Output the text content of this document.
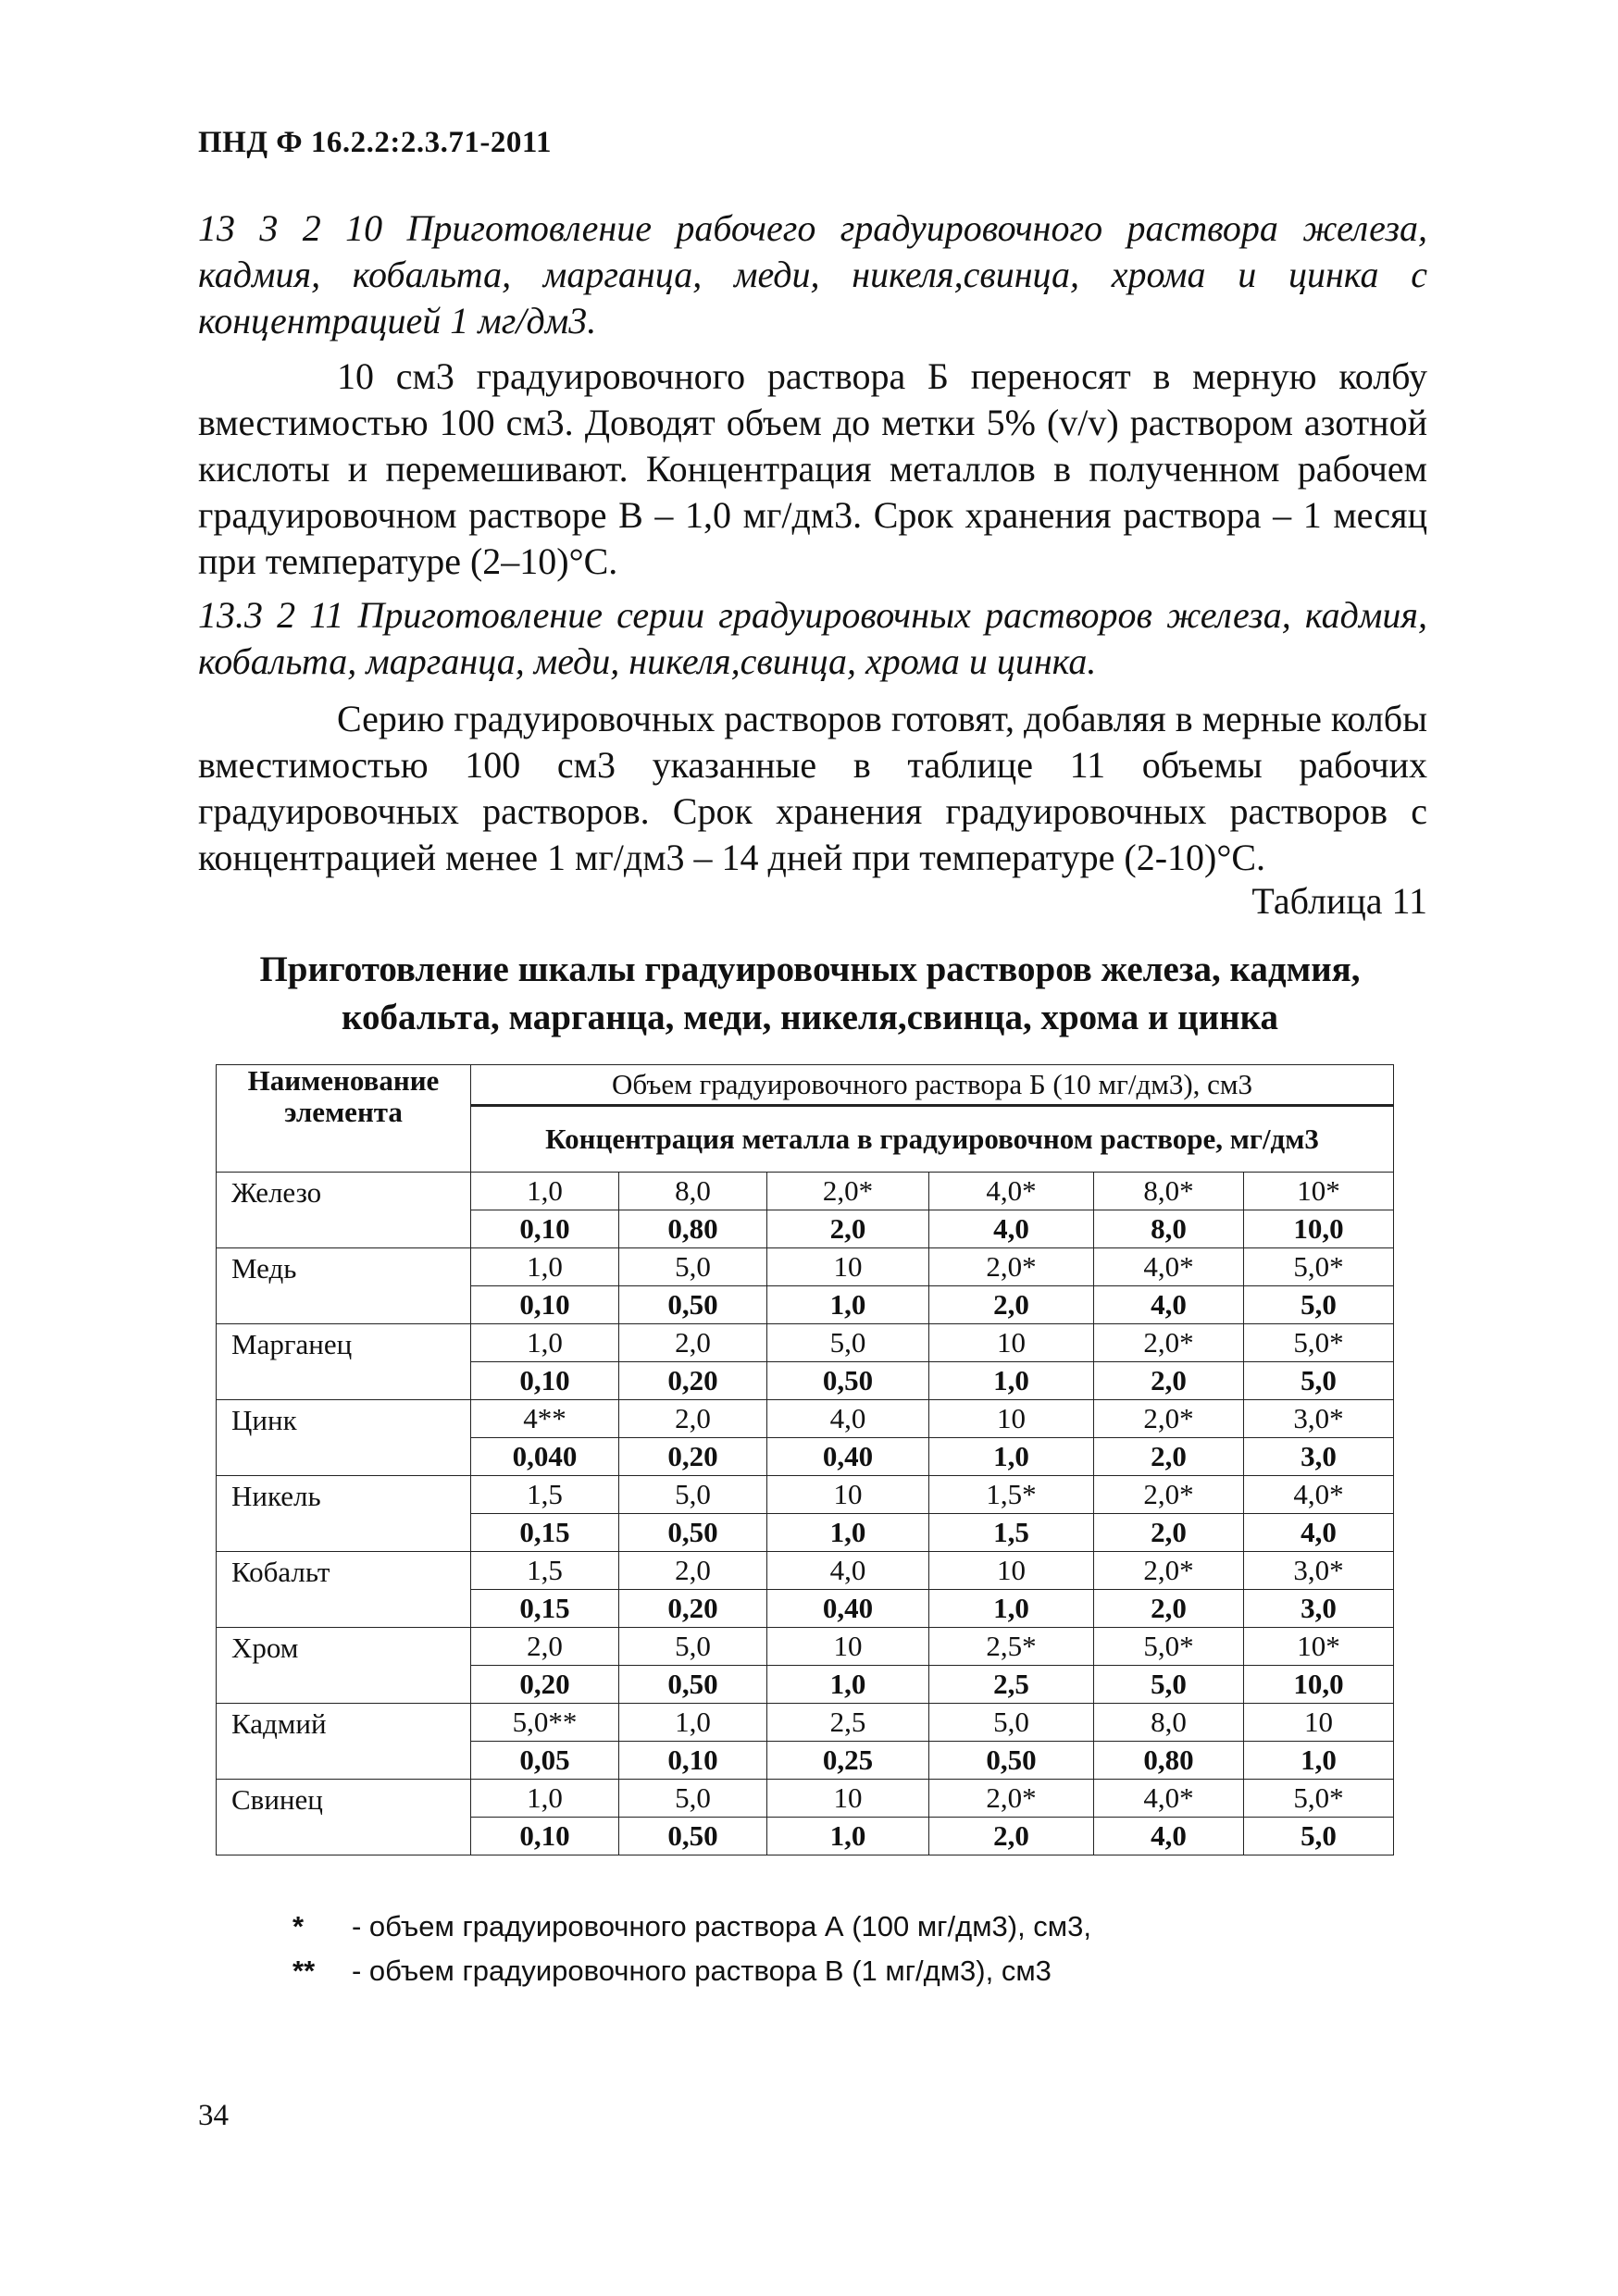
ПНД Ф 16.2.2:2.3.71-2011
13 3 2 10 Приготовление рабочего градуировочного раствора железа, кадмия, кобальта, марганца, меди, никеля,свинца, хрома и цинка с концентрацией 1 мг/дм3.
10 см3 градуировочного раствора Б переносят в мерную колбу вместимостью 100 см3. Доводят объем до метки 5% (v/v) раствором азотной кислоты и перемешивают. Концентрация металлов в полученном рабочем градуировочном растворе В – 1,0 мг/дм3. Срок хранения раствора – 1 месяц при температуре (2–10)°С.
13.3 2 11 Приготовление серии градуировочных растворов железа, кадмия, кобальта, марганца, меди, никеля,свинца, хрома и цинка.
Серию градуировочных растворов готовят, добавляя в мерные колбы вместимостью 100 см3 указанные в таблице 11 объемы рабочих градуировочных растворов. Срок хранения градуировочных растворов с концентрацией менее 1 мг/дм3 – 14 дней при температуре (2-10)°С.
Таблица 11
Приготовление шкалы градуировочных растворов железа, кадмия, кобальта, марганца, меди, никеля,свинца, хрома и цинка
Наименование элемента	Объем градуировочного раствора Б (10 мг/дм3), см3					
	Концентрация металла в градуировочном растворе, мг/дм3					
Железо	1,0	8,0	2,0*	4,0*	8,0*	10*
	0,10	0,80	2,0	4,0	8,0	10,0
Медь	1,0	5,0	10	2,0*	4,0*	5,0*
	0,10	0,50	1,0	2,0	4,0	5,0
Марганец	1,0	2,0	5,0	10	2,0*	5,0*
	0,10	0,20	0,50	1,0	2,0	5,0
Цинк	4**	2,0	4,0	10	2,0*	3,0*
	0,040	0,20	0,40	1,0	2,0	3,0
Никель	1,5	5,0	10	1,5*	2,0*	4,0*
	0,15	0,50	1,0	1,5	2,0	4,0
Кобальт	1,5	2,0	4,0	10	2,0*	3,0*
	0,15	0,20	0,40	1,0	2,0	3,0
Хром	2,0	5,0	10	2,5*	5,0*	10*
	0,20	0,50	1,0	2,5	5,0	10,0
Кадмий	5,0**	1,0	2,5	5,0	8,0	10
	0,05	0,10	0,25	0,50	0,80	1,0
Свинец	1,0	5,0	10	2,0*	4,0*	5,0*
	0,10	0,50	1,0	2,0	4,0	5,0
* - объем градуировочного раствора А (100 мг/дм3), см3,
** - объем градуировочного раствора В (1 мг/дм3), см3
34
